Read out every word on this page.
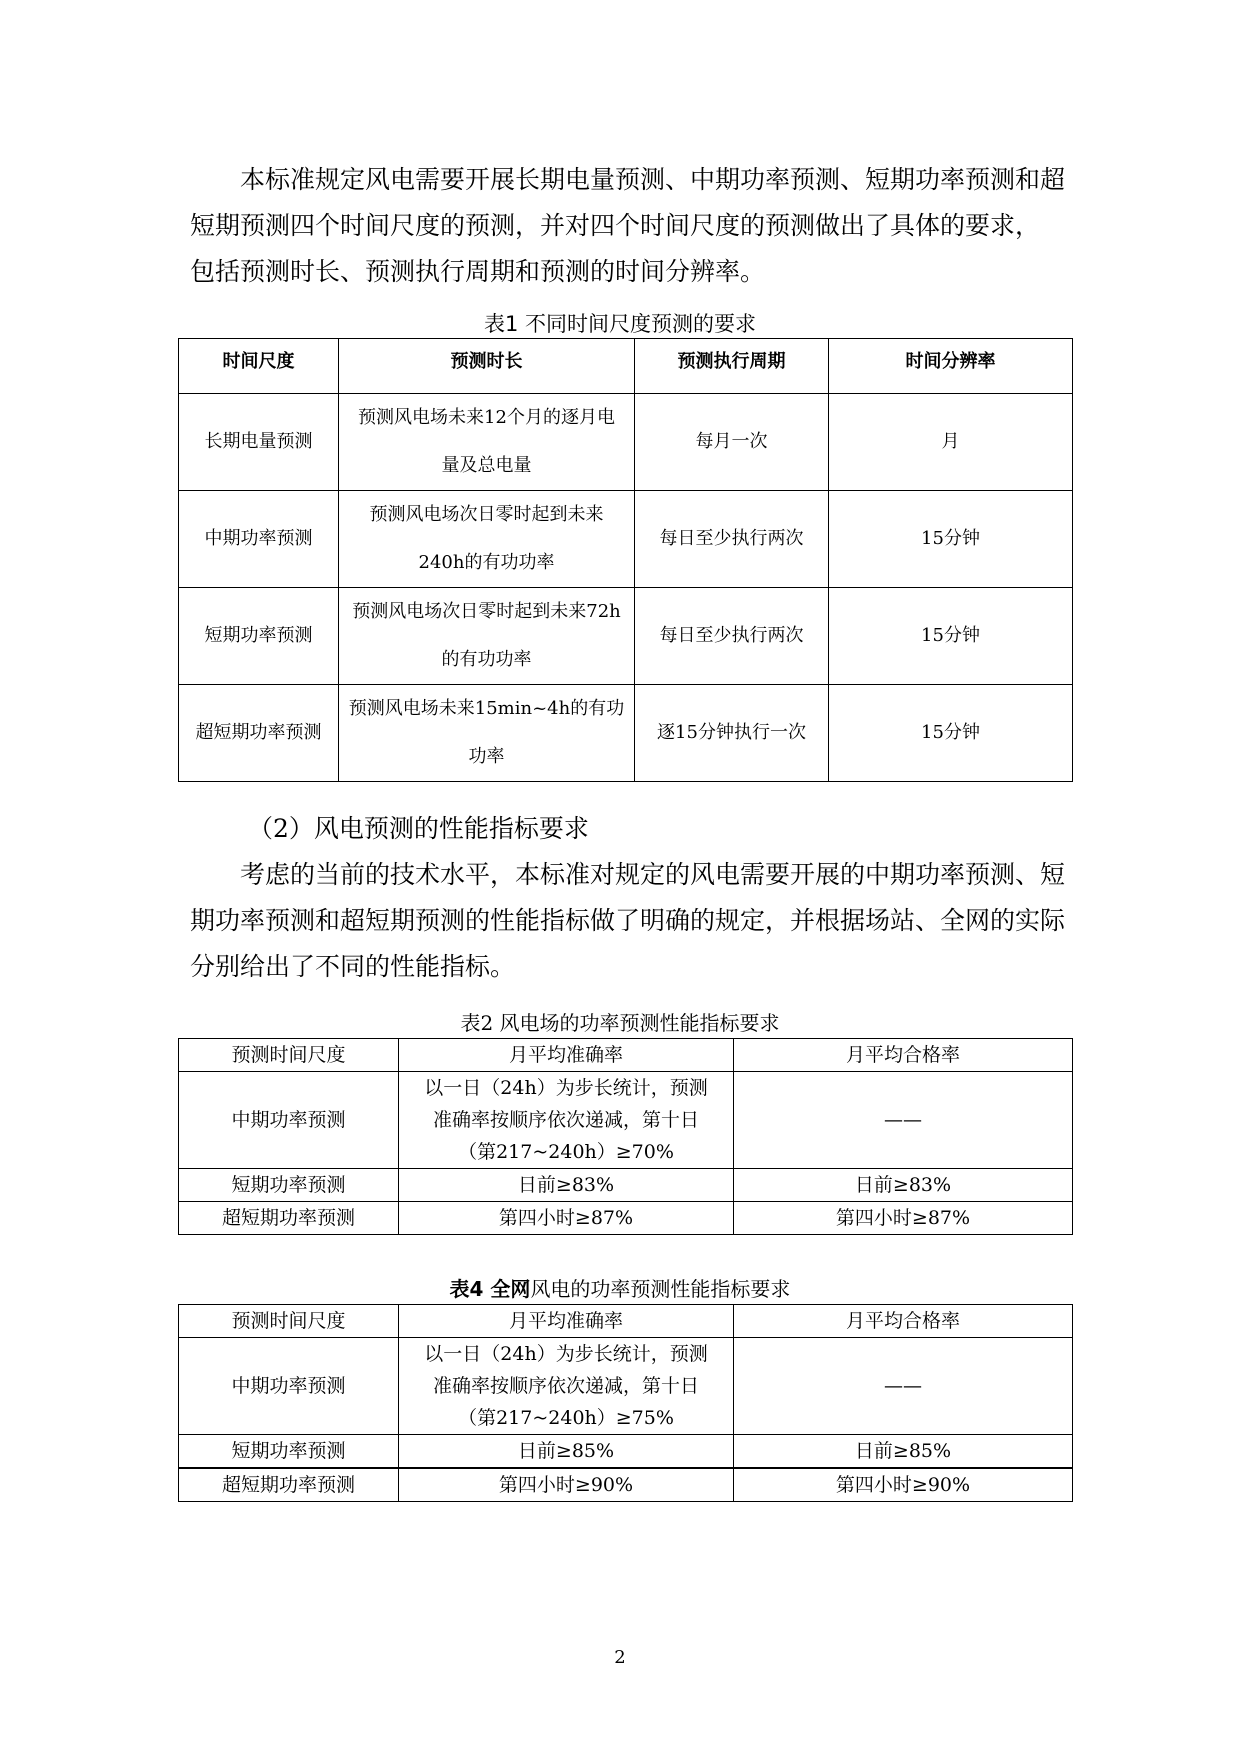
本标准规定风电需要开展长期电量预测、中期功率预测、短期功率预测和超
短期预测四个时间尺度的预测，并对四个时间尺度的预测做出了具体的要求，
包括预测时长、预测执行周期和预测的时间分辨率。

表1 不同时间尺度预测的要求
时间尺度	预测时长	预测执行周期	时间分辨率
长期电量预测	预测风电场未来12个月的逐月电
量及总电量	每月一次	月
中期功率预测	预测风电场次日零时起到未来
240h的有功功率	每日至少执行两次	15分钟
短期功率预测	预测风电场次日零时起到未来72h
的有功功率	每日至少执行两次	15分钟
超短期功率预测	预测风电场未来15min~4h的有功
功率	逐15分钟执行一次	15分钟

（2）风电预测的性能指标要求
考虑的当前的技术水平，本标准对规定的风电需要开展的中期功率预测、短
期功率预测和超短期预测的性能指标做了明确的规定，并根据场站、全网的实际
分别给出了不同的性能指标。

表2 风电场的功率预测性能指标要求
预测时间尺度	月平均准确率	月平均合格率
中期功率预测	以一日（24h）为步长统计，预测
准确率按顺序依次递减，第十日
（第217~240h）≥70%	——
短期功率预测	日前≥83%	日前≥83%
超短期功率预测	第四小时≥87%	第四小时≥87%
表4 全网风电的功率预测性能指标要求
预测时间尺度	月平均准确率	月平均合格率
中期功率预测	以一日（24h）为步长统计，预测
准确率按顺序依次递减，第十日
（第217~240h）≥75%	——
短期功率预测	日前≥85%	日前≥85%
超短期功率预测	第四小时≥90%	第四小时≥90%
2
